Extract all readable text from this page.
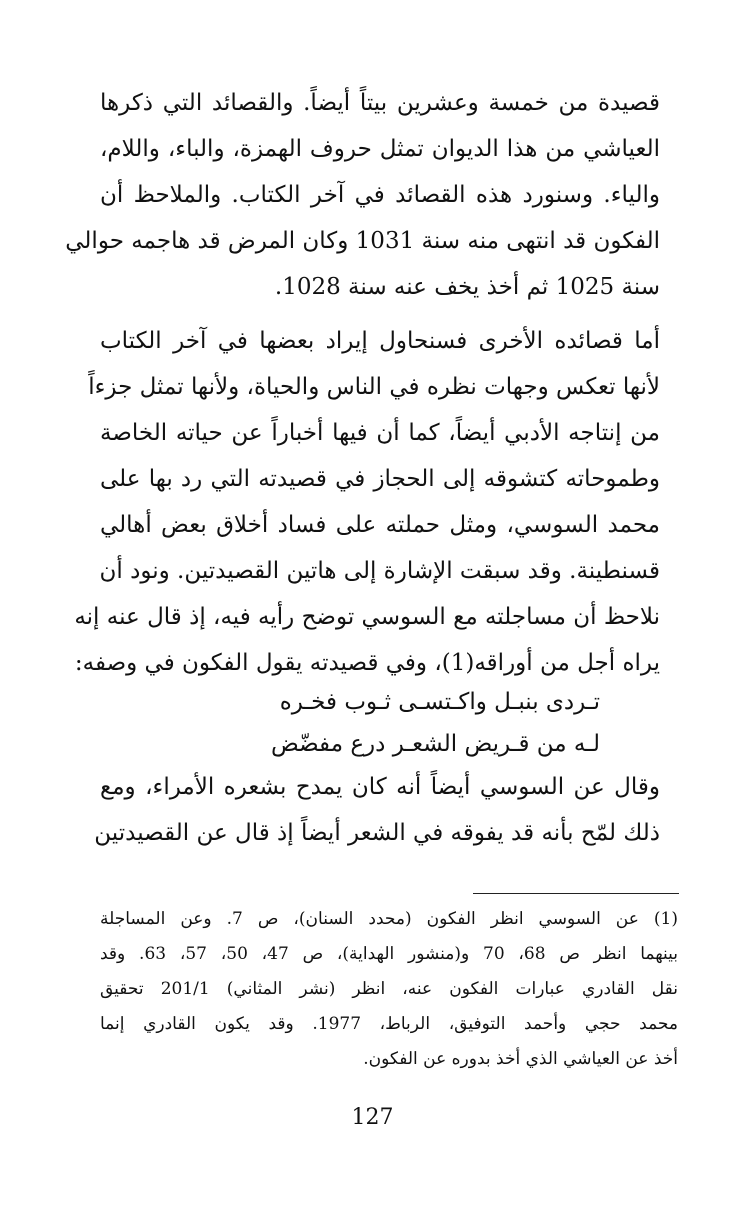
قصيدة من خمسة وعشرين بيتاً أيضاً. والقصائد التي ذكرها
العياشي من هذا الديوان تمثل حروف الهمزة، والباء، واللام،
والياء. وسنورد هذه القصائد في آخر الكتاب. والملاحظ أن
الفكون قد انتهى منه سنة 1031 وكان المرض قد هاجمه حوالي
سنة 1025 ثم أخذ يخف عنه سنة 1028.
أما قصائده الأخرى فسنحاول إيراد بعضها في آخر الكتاب
لأنها تعكس وجهات نظره في الناس والحياة، ولأنها تمثل جزءاً
من إنتاجه الأدبي أيضاً، كما أن فيها أخباراً عن حياته الخاصة
وطموحاته كتشوقه إلى الحجاز في قصيدته التي رد بها على
محمد السوسي، ومثل حملته على فساد أخلاق بعض أهالي
قسنطينة. وقد سبقت الإشارة إلى هاتين القصيدتين. ونود أن
نلاحظ أن مساجلته مع السوسي توضح رأيه فيه، إذ قال عنه إنه
يراه أجل من أوراقه(1)، وفي قصيدته يقول الفكون في وصفه:
تـردى بنبـل واكـتسـى ثـوب فخـره
لـه من قـريض الشعـر درع مفضّض
وقال عن السوسي أيضاً أنه كان يمدح بشعره الأمراء، ومع
ذلك لمّح بأنه قد يفوقه في الشعر أيضاً إذ قال عن القصيدتين
(1) عن السوسي انظر الفكون (محدد السنان)، ص 7. وعن المساجلة
بينهما انظر ص 68، 70 و(منشور الهداية)، ص 47، 50، 57، 63. وقد
نقل القادري عبارات الفكون عنه، انظر (نشر المثاني) 201/1 تحقيق
محمد حجي وأحمد التوفيق، الرباط، 1977. وقد يكون القادري إنما
أخذ عن العياشي الذي أخذ بدوره عن الفكون.
127
